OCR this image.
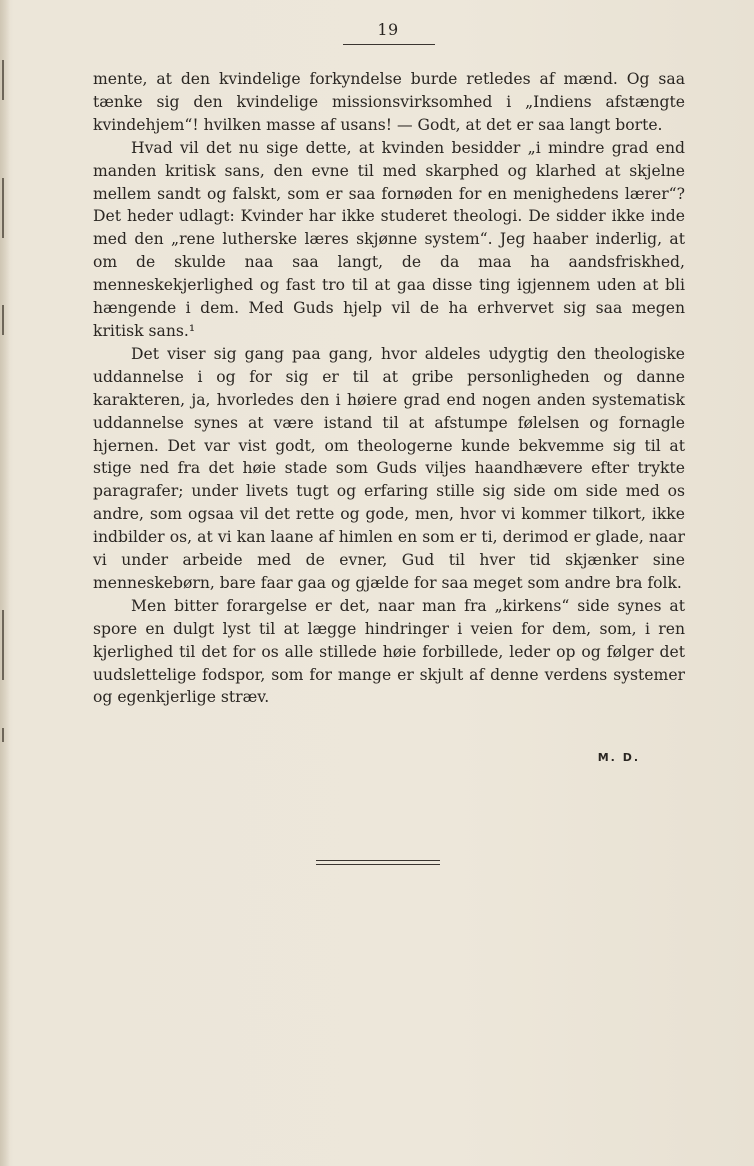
19

mente, at den kvindelige forkyndelse burde retledes af mænd. Og saa tænke sig den kvindelige missionsvirksomhed i „Indiens afstængte kvindehjem“! hvilken masse af usans! — Godt, at det er saa langt borte.

Hvad vil det nu sige dette, at kvinden besidder „i mindre grad end manden kritisk sans, den evne til med skarphed og klarhed at skjelne mellem sandt og falskt, som er saa fornøden for en menighedens lærer“? Det heder udlagt: Kvinder har ikke studeret theologi. De sidder ikke inde med den „rene lutherske læres skjønne system“. Jeg haaber inderlig, at om de skulde naa saa langt, de da maa ha aandsfriskhed, menneskekjerlighed og fast tro til at gaa disse ting igjennem uden at bli hængende i dem. Med Guds hjelp vil de ha erhvervet sig saa megen kritisk sans.¹

Det viser sig gang paa gang, hvor aldeles udygtig den theologiske uddannelse i og for sig er til at gribe personligheden og danne karakteren, ja, hvorledes den i høiere grad end nogen anden systematisk uddannelse synes at være istand til at afstumpe følelsen og fornagle hjernen. Det var vist godt, om theologerne kunde bekvemme sig til at stige ned fra det høie stade som Guds viljes haandhævere efter trykte paragrafer; under livets tugt og erfaring stille sig side om side med os andre, som ogsaa vil det rette og gode, men, hvor vi kommer tilkort, ikke indbilder os, at vi kan laane af himlen en som er ti, derimod er glade, naar vi under arbeide med de evner, Gud til hver tid skjænker sine menneskebørn, bare faar gaa og gjælde for saa meget som andre bra folk.

Men bitter forargelse er det, naar man fra „kirkens“ side synes at spore en dulgt lyst til at lægge hindringer i veien for dem, som, i ren kjerlighed til det for os alle stillede høie forbillede, leder op og følger det uudslettelige fodspor, som for mange er skjult af denne verdens systemer og egenkjerlige stræv.

M. D.
